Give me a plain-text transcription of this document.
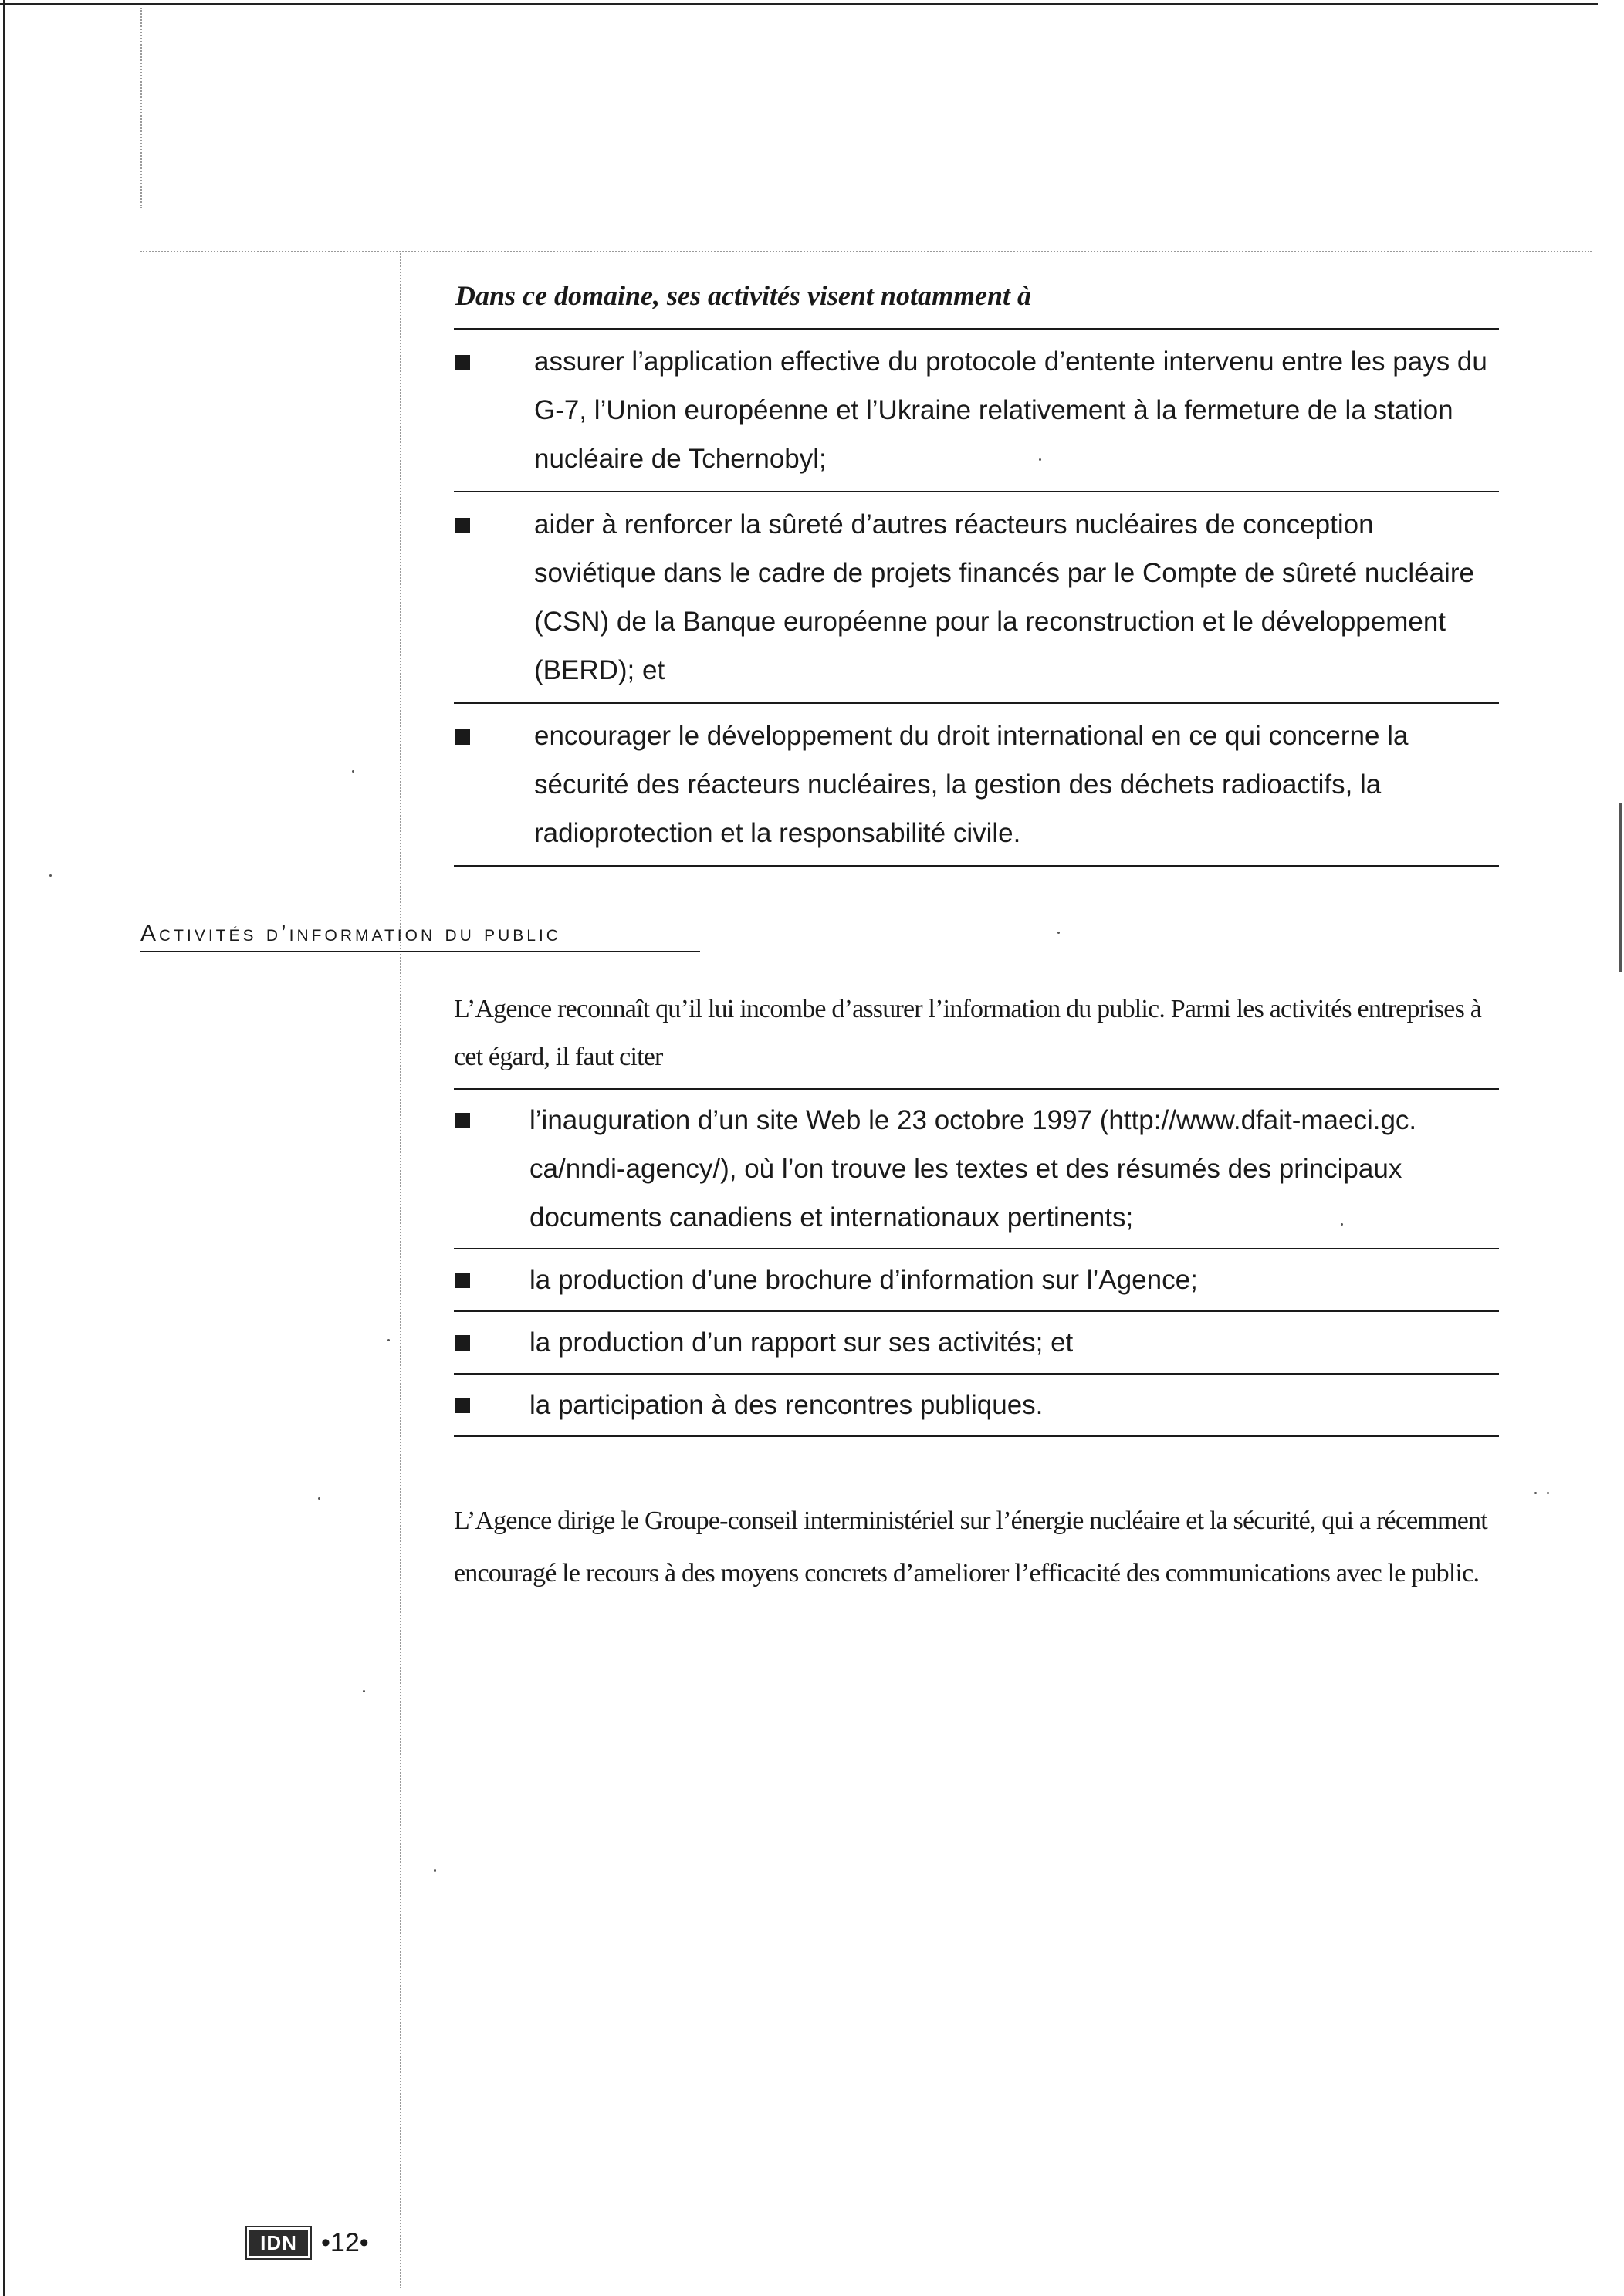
Dans ce domaine, ses activités visent notamment à
assurer l’application effective du protocole d’entente intervenu entre les pays du G-7, l’Union européenne et l’Ukraine relativement à la fermeture de la station nucléaire de Tchernobyl;
aider à renforcer la sûreté d’autres réacteurs nucléaires de conception soviétique dans le cadre de projets financés par le Compte de sûreté nucléaire (CSN) de la Banque européenne pour la reconstruction et le développement (BERD); et
encourager le développement du droit international en ce qui concerne la sécurité des réacteurs nucléaires, la gestion des déchets radioactifs, la radioprotection et la responsabilité civile.
Activités d’information du public
L’Agence reconnaît qu’il lui incombe d’assurer l’information du public. Parmi les activités entreprises à cet égard, il faut citer
l’inauguration d’un site Web le 23 octobre 1997 (http://www.dfait-maeci.gc. ca/nndi-agency/), où l’on trouve les textes et des résumés des principaux documents canadiens et internationaux pertinents;
la production d’une brochure d’information sur l’Agence;
la production d’un rapport sur ses activités; et
la participation à des rencontres publiques.
L’Agence dirige le Groupe-conseil interministériel sur l’énergie nucléaire et la sécurité, qui a récemment encouragé le recours à des moyens concrets d’ameliorer l’efficacité des communications avec le public.
IDN •12•
